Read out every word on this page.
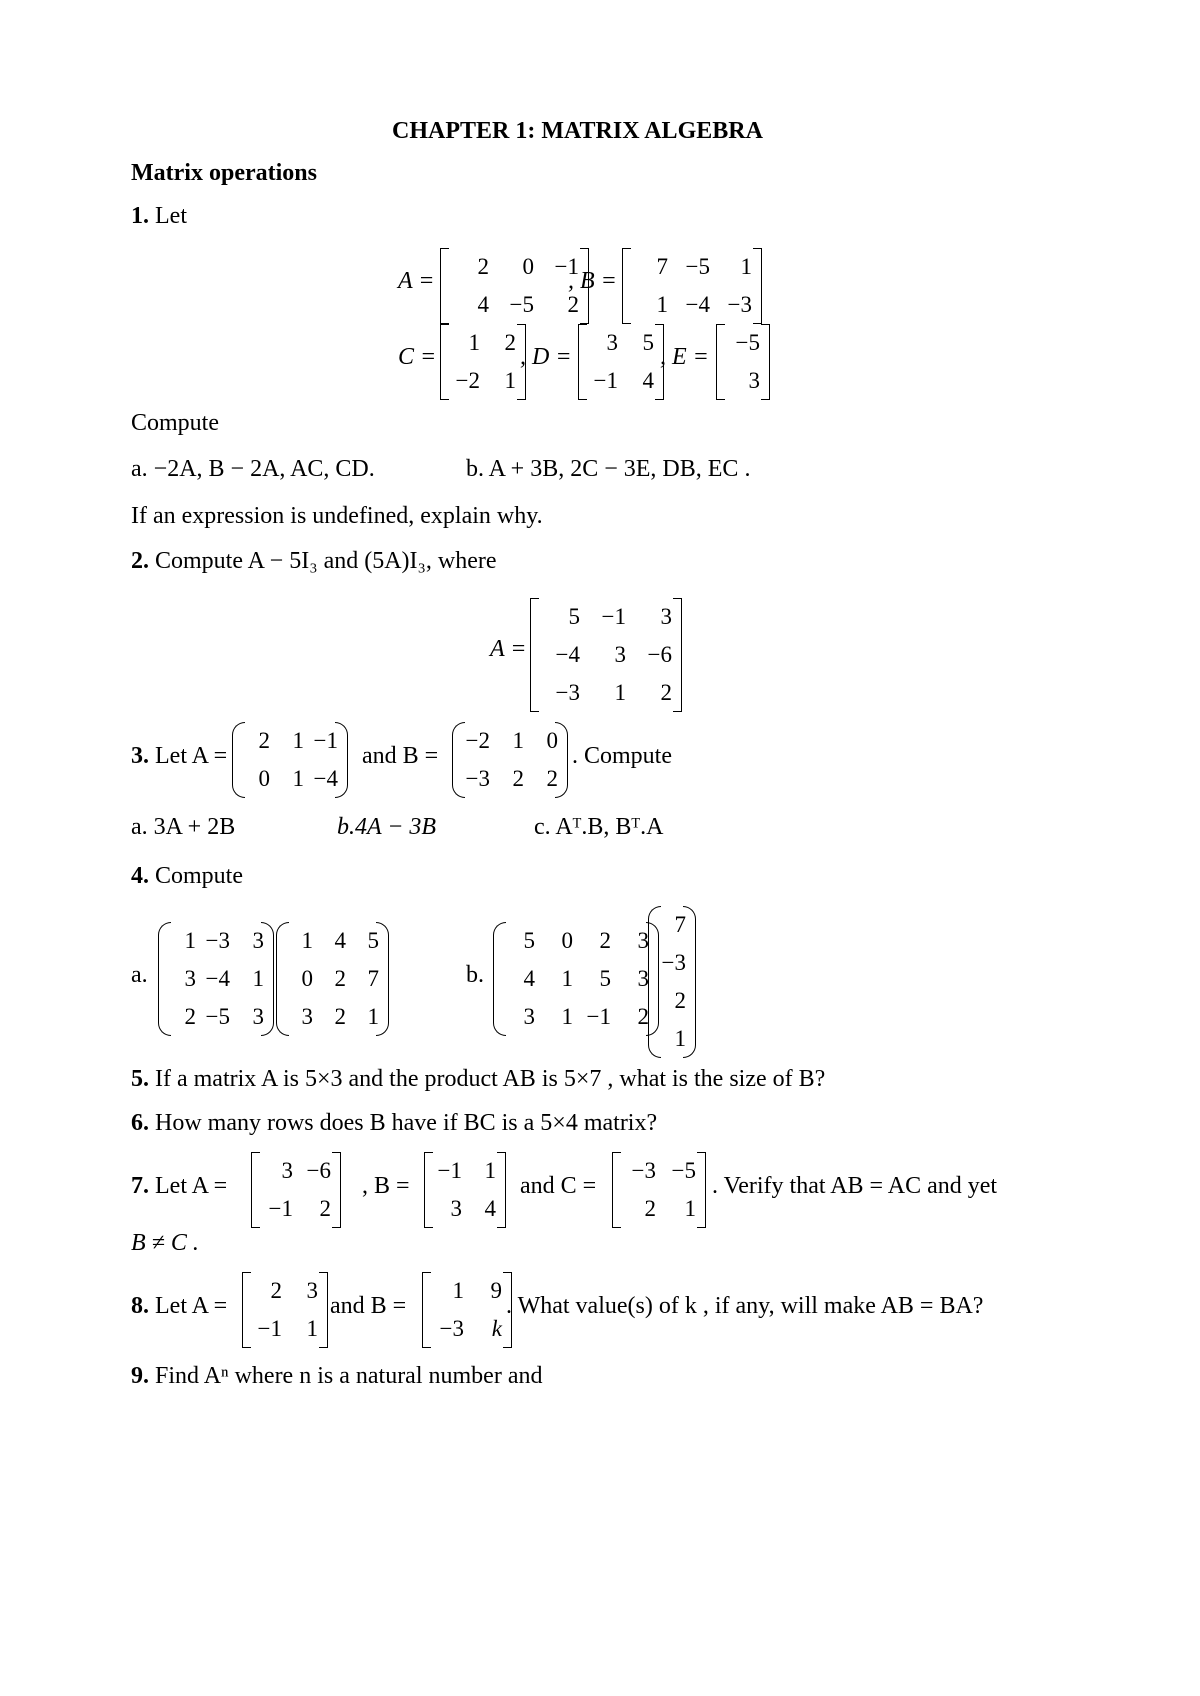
CHAPTER 1: MATRIX ALGEBRA
Matrix operations
1. Let
A =
2	0	−1
4	−5	2
, B =
7	−5	1
1	−4	−3
C =
1	2
−2	1
, D =
3	5
−1	4
, E =
−5
3
Compute
a. −2A, B − 2A, AC, CD.	b. A + 3B, 2C − 3E, DB, EC .
If an expression is undefined, explain why.
2. Compute A − 5I₃ and (5A)I₃, where
A =
5	−1	3
−4	3	−6
−3	1	2
3. Let A =
2	1	−1
0	1	−4
and B =
−2	1	0
−3	2	2
. Compute
a. 3A + 2B	b.4A − 3B	c. Aᵀ.B, Bᵀ.A
4. Compute
a.
1	−3	3
3	−4	1
2	−5	3
1	4	5
0	2	7
3	2	1
b.
5	0	2	3
4	1	5	3
3	1	−1	2
7
−3
2
1
5. If a matrix A is 5×3 and the product AB is 5×7 , what is the size of B?
6. How many rows does B have if BC is a 5×4 matrix?
7. Let A =
3	−6
−1	2
, B =
−1	1
3	4
and C =
−3	−5
2	1
. Verify that AB = AC and yet
B ≠ C .
8. Let A =
2	3
−1	1
and B =
1	9
−3	k
. What value(s) of k , if any, will make AB = BA?
9. Find Aⁿ where n is a natural number and
